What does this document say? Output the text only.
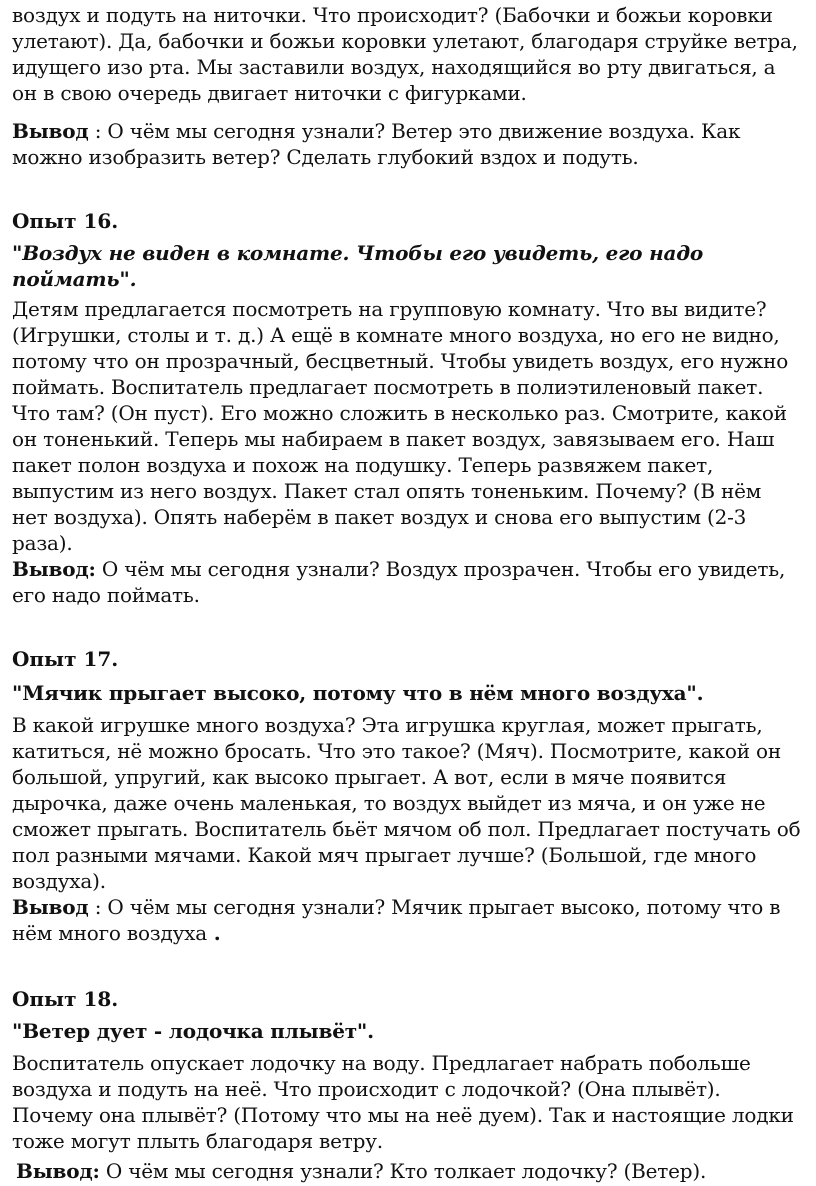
воздух и подуть на ниточки. Что происходит? (Бабочки и божьи коровки улетают). Да, бабочки и божьи коровки улетают, благодаря струйке ветра, идущего изо рта. Мы заставили воздух, находящийся во рту двигаться, а он в свою очередь двигает ниточки с фигурками.

Вывод : О чём мы сегодня узнали? Ветер это движение воздуха. Как можно изобразить ветер? Сделать глубокий вздох и подуть.

Опыт 16.

"Воздух не виден в комнате. Чтобы его увидеть, его надо поймать".

Детям предлагается посмотреть на групповую комнату. Что вы видите? (Игрушки, столы и т. д.) А ещё в комнате много воздуха, но его не видно, потому что он прозрачный, бесцветный. Чтобы увидеть воздух, его нужно поймать. Воспитатель предлагает посмотреть в полиэтиленовый пакет. Что там? (Он пуст). Его можно сложить в несколько раз. Смотрите, какой он тоненький. Теперь мы набираем в пакет воздух, завязываем его. Наш пакет полон воздуха и похож на подушку. Теперь развяжем пакет, выпустим из него воздух. Пакет стал опять тоненьким. Почему? (В нём нет воздуха). Опять наберём в пакет воздух и снова его выпустим (2-3 раза).

Вывод: О чём мы сегодня узнали? Воздух прозрачен. Чтобы его увидеть, его надо поймать.

Опыт 17.

"Мячик прыгает высоко, потому что в нём много воздуха".

В какой игрушке много воздуха? Эта игрушка круглая, может прыгать, катиться, нё можно бросать. Что это такое? (Мяч). Посмотрите, какой он большой, упругий, как высоко прыгает. А вот, если в мяче появится дырочка, даже очень маленькая, то воздух выйдет из мяча, и он уже не сможет прыгать. Воспитатель бьёт мячом об пол. Предлагает постучать об пол разными мячами. Какой мяч прыгает лучше? (Большой, где много воздуха).

Вывод : О чём мы сегодня узнали? Мячик прыгает высоко, потому что в нём много воздуха .

Опыт 18.

"Ветер дует - лодочка плывёт".

Воспитатель опускает лодочку на воду. Предлагает набрать побольше воздуха и подуть на неё. Что происходит с лодочкой? (Она плывёт). Почему она плывёт? (Потому что мы на неё дуем). Так и настоящие лодки тоже могут плыть благодаря ветру.

Вывод: О чём мы сегодня узнали? Кто толкает лодочку? (Ветер).
